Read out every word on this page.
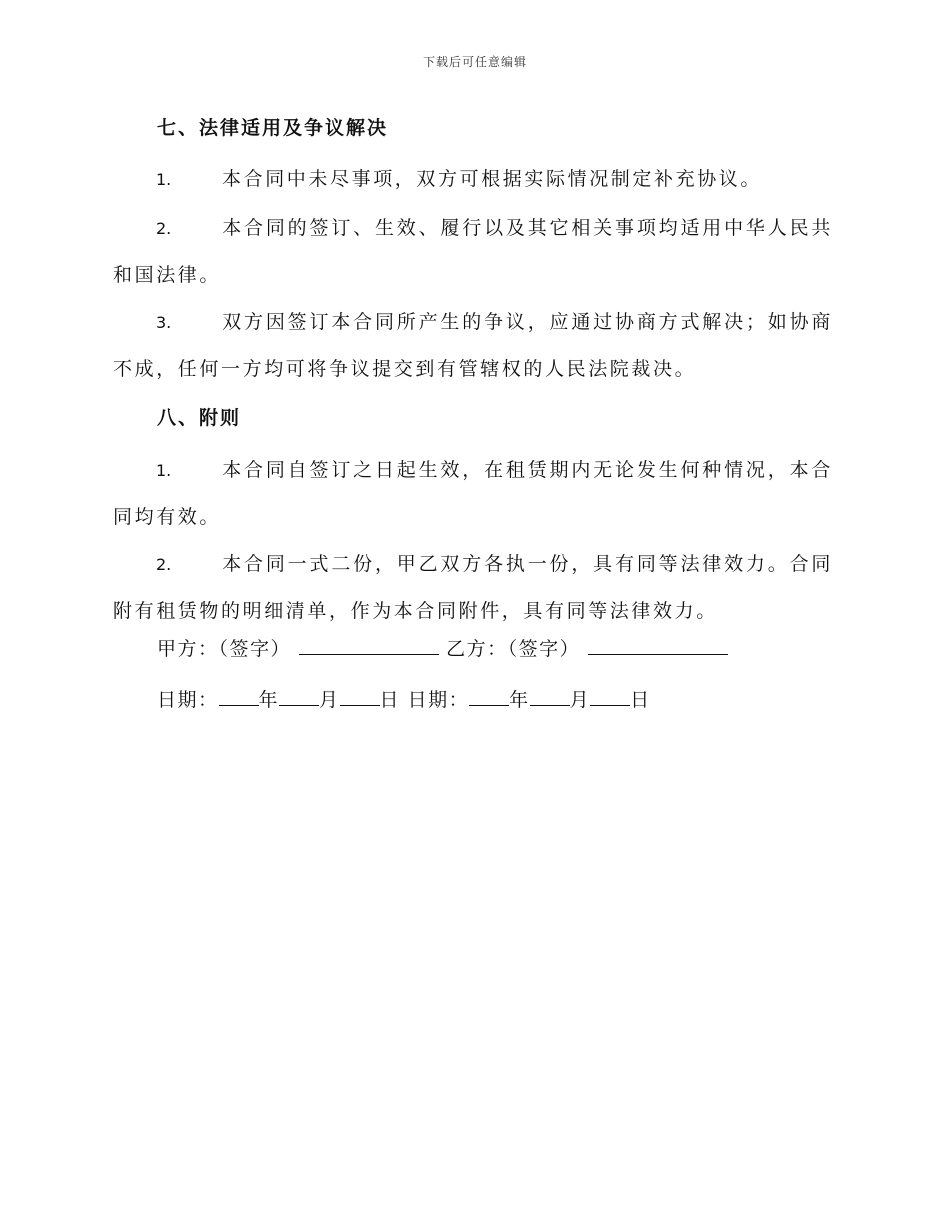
下载后可任意编辑
七、法律适用及争议解决
1.	本合同中未尽事项，双方可根据实际情况制定补充协议。
2.	本合同的签订、生效、履行以及其它相关事项均适用中华人民共和国法律。
3.	双方因签订本合同所产生的争议，应通过协商方式解决；如协商不成，任何一方均可将争议提交到有管辖权的人民法院裁决。
八、附则
1.	本合同自签订之日起生效，在租赁期内无论发生何种情况，本合同均有效。
2.	本合同一式二份，甲乙双方各执一份，具有同等法律效力。合同附有租赁物的明细清单，作为本合同附件，具有同等法律效力。
甲方：（签字）	乙方：（签字）
日期： 年 月 日 日期： 年 月 日
